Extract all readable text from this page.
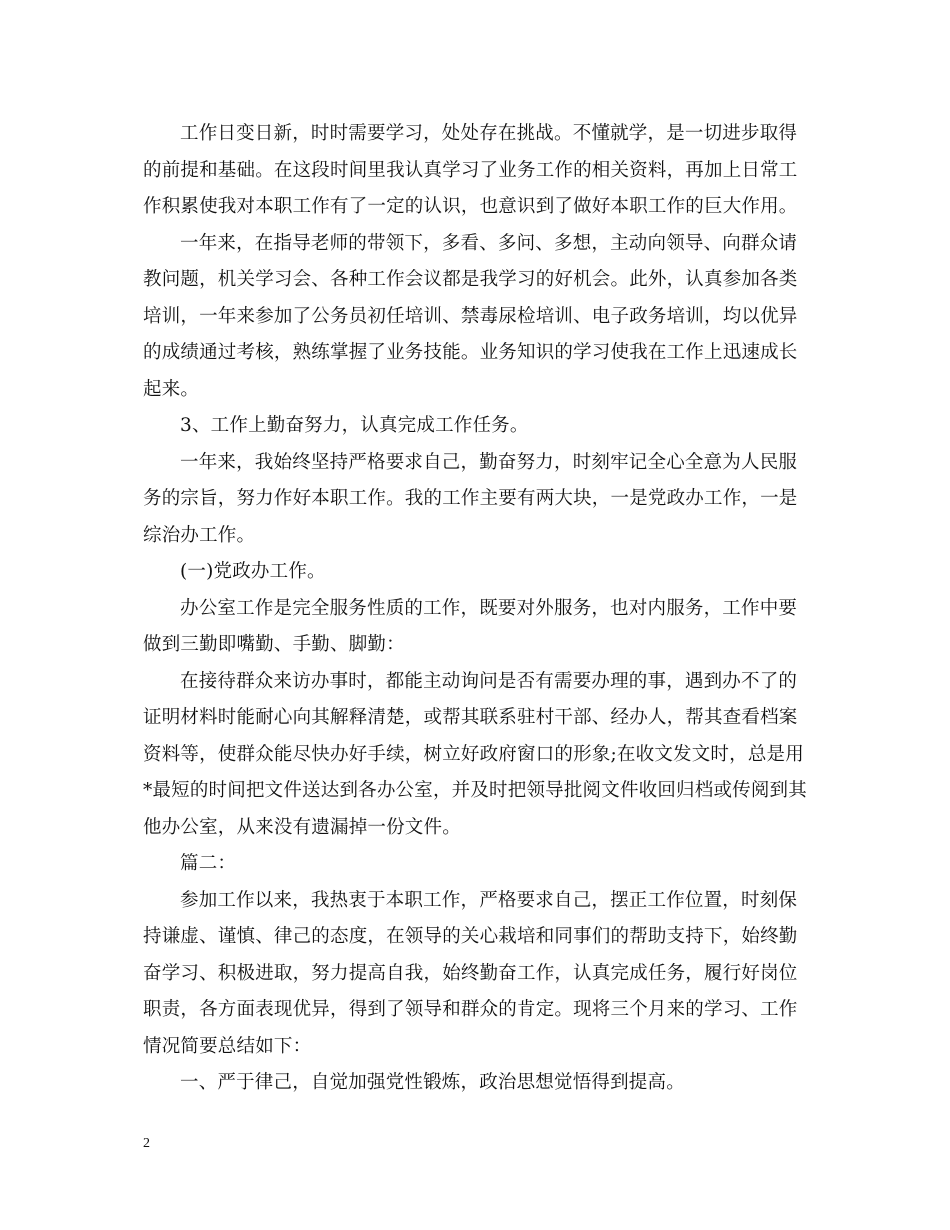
工作日变日新，时时需要学习，处处存在挑战。不懂就学，是一切进步取得
的前提和基础。在这段时间里我认真学习了业务工作的相关资料，再加上日常工
作积累使我对本职工作有了一定的认识，也意识到了做好本职工作的巨大作用。

一年来，在指导老师的带领下，多看、多问、多想，主动向领导、向群众请
教问题，机关学习会、各种工作会议都是我学习的好机会。此外，认真参加各类
培训，一年来参加了公务员初任培训、禁毒尿检培训、电子政务培训，均以优异
的成绩通过考核，熟练掌握了业务技能。业务知识的学习使我在工作上迅速成长
起来。

3、工作上勤奋努力，认真完成工作任务。

一年来，我始终坚持严格要求自己，勤奋努力，时刻牢记全心全意为人民服
务的宗旨，努力作好本职工作。我的工作主要有两大块，一是党政办工作，一是
综治办工作。

(一)党政办工作。

办公室工作是完全服务性质的工作，既要对外服务，也对内服务，工作中要
做到三勤即嘴勤、手勤、脚勤：

在接待群众来访办事时，都能主动询问是否有需要办理的事，遇到办不了的
证明材料时能耐心向其解释清楚，或帮其联系驻村干部、经办人，帮其查看档案
资料等，使群众能尽快办好手续，树立好政府窗口的形象;在收文发文时，总是用
*最短的时间把文件送达到各办公室，并及时把领导批阅文件收回归档或传阅到其
他办公室，从来没有遗漏掉一份文件。

篇二：

参加工作以来，我热衷于本职工作，严格要求自己，摆正工作位置，时刻保
持谦虚、谨慎、律己的态度，在领导的关心栽培和同事们的帮助支持下，始终勤
奋学习、积极进取，努力提高自我，始终勤奋工作，认真完成任务，履行好岗位
职责，各方面表现优异，得到了领导和群众的肯定。现将三个月来的学习、工作
情况简要总结如下：

一、严于律己，自觉加强党性锻炼，政治思想觉悟得到提高。

2
